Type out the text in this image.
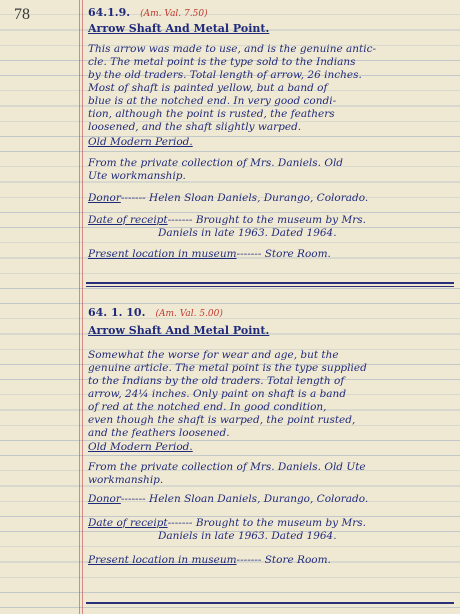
78	64.1.9. (Am. Val. 7.50)
Arrow Shaft And Metal Point.
This arrow was made to use, and is the genuine antic-
cle. The metal point is the type sold to the Indians
by the old traders. Total length of arrow, 26 inches.
Most of shaft is painted yellow, but a band of
blue is at the notched end. In very good condi-
tion, although the point is rusted, the feathers
loosened, and the shaft slightly warped.
Old Modern Period.
From the private collection of Mrs. Daniels. Old
Ute workmanship.
Donor------- Helen Sloan Daniels, Durango, Colorado.
Date of receipt------- Brought to the museum by Mrs.
Daniels in late 1963. Dated 1964.
Present location in museum------- Store Room.
64. 1. 10. (Am. Val. 5.00)
Arrow Shaft And Metal Point.
Somewhat the worse for wear and age, but the
genuine article. The metal point is the type supplied
to the Indians by the old traders. Total length of
arrow, 24¼ inches. Only paint on shaft is a band
of red at the notched end. In good condition,
even though the shaft is warped, the point rusted,
and the feathers loosened.
Old Modern Period.
From the private collection of Mrs. Daniels. Old Ute
workmanship.
Donor------- Helen Sloan Daniels, Durango, Colorado.
Date of receipt------- Brought to the museum by Mrs.
Daniels in late 1963. Dated 1964.
Present location in museum------- Store Room.
